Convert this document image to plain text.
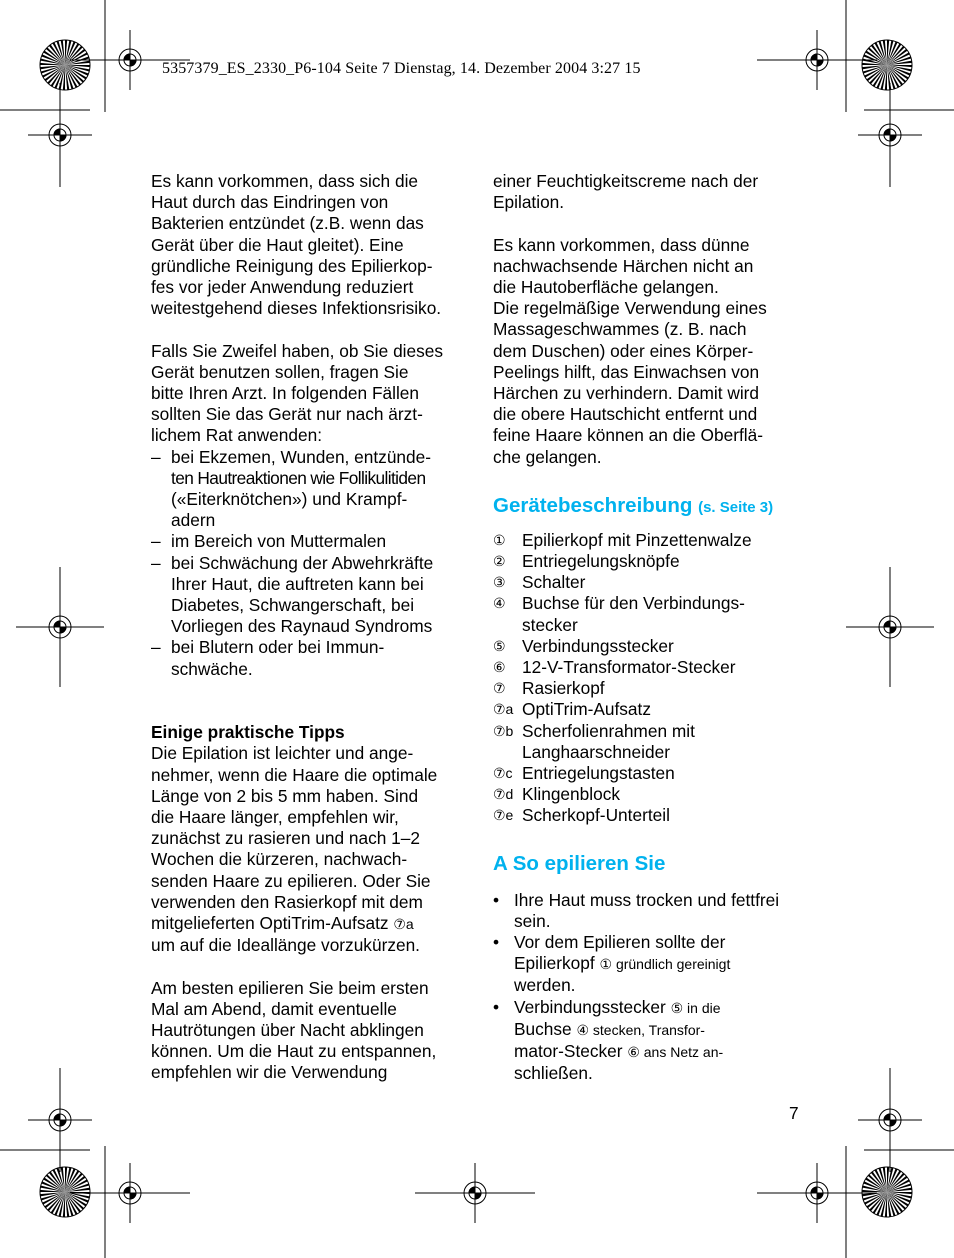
5357379_ES_2330_P6-104 Seite 7 Dienstag, 14. Dezember 2004 3:27 15

Es kann vorkommen, dass sich die
Haut durch das Eindringen von
Bakterien entzündet (z.B. wenn das
Gerät über die Haut gleitet). Eine
gründliche Reinigung des Epilierkop-
fes vor jeder Anwendung reduziert
weitestgehend dieses Infektionsrisiko.

Falls Sie Zweifel haben, ob Sie dieses
Gerät benutzen sollen, fragen Sie
bitte Ihren Arzt. In folgenden Fällen
sollten Sie das Gerät nur nach ärzt-
lichem Rat anwenden:

– bei Ekzemen, Wunden, entzünde-
ten Hautreaktionen wie Follikulitiden
(«Eiterknötchen») und Krampf-
adern
– im Bereich von Muttermalen
– bei Schwächung der Abwehrkräfte
Ihrer Haut, die auftreten kann bei
Diabetes, Schwangerschaft, bei
Vorliegen des Raynaud Syndroms
– bei Blutern oder bei Immun-
schwäche.

Einige praktische Tipps
Die Epilation ist leichter und ange-
nehmer, wenn die Haare die optimale
Länge von 2 bis 5 mm haben. Sind
die Haare länger, empfehlen wir,
zunächst zu rasieren und nach 1–2
Wochen die kürzeren, nachwach-
senden Haare zu epilieren. Oder Sie
verwenden den Rasierkopf mit dem
mitgelieferten OptiTrim-Aufsatz ⑦a
um auf die Ideallänge vorzukürzen.

Am besten epilieren Sie beim ersten
Mal am Abend, damit eventuelle
Hautrötungen über Nacht abklingen
können. Um die Haut zu entspannen,
empfehlen wir die Verwendung

einer Feuchtigkeitscreme nach der
Epilation.

Es kann vorkommen, dass dünne
nachwachsende Härchen nicht an
die Hautoberfläche gelangen.
Die regelmäßige Verwendung eines
Massageschwammes (z. B. nach
dem Duschen) oder eines Körper-
Peelings hilft, das Einwachsen von
Härchen zu verhindern. Damit wird
die obere Hautschicht entfernt und
feine Haare können an die Oberflä-
che gelangen.

Gerätebeschreibung (s. Seite 3)
① Epilierkopf mit Pinzettenwalze
② Entriegelungsknöpfe
③ Schalter
④ Buchse für den Verbindungs-
stecker
⑤ Verbindungsstecker
⑥ 12-V-Transformator-Stecker
⑦ Rasierkopf
⑦a OptiTrim-Aufsatz
⑦b Scherfolienrahmen mit
Langhaarschneider
⑦c Entriegelungstasten
⑦d Klingenblock
⑦e Scherkopf-Unterteil
A So epilieren Sie
• Ihre Haut muss trocken und fettfrei
sein.
• Vor dem Epilieren sollte der
Epilierkopf ① gründlich gereinigt
werden.
• Verbindungsstecker ⑤ in die
Buchse ④ stecken, Transfor-
mator-Stecker ⑥ ans Netz an-
schließen.
7
